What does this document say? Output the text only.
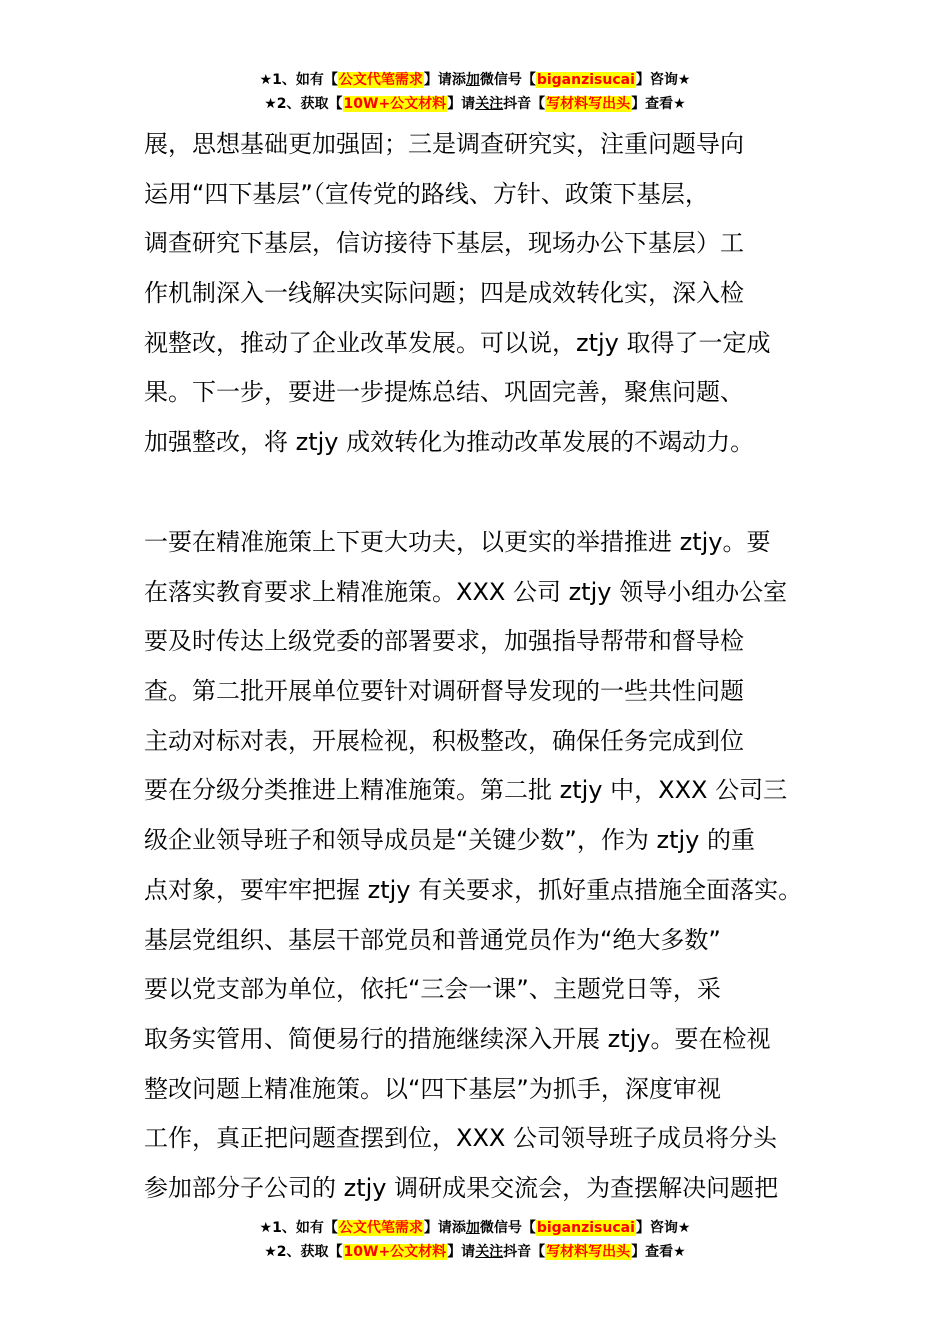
★1、如有【公文代笔需求】请添加微信号【biganzisucai】咨询★
★2、获取【10W+公文材料】请关注抖音【写材料写出头】查看★
展，思想基础更加强固；三是调查研究实，注重问题导向
运用“四下基层”（宣传党的路线、方针、政策下基层，
调查研究下基层，信访接待下基层，现场办公下基层）工
作机制深入一线解决实际问题；四是成效转化实，深入检
视整改，推动了企业改革发展。可以说，ztjy 取得了一定成
果。下一步，要进一步提炼总结、巩固完善，聚焦问题、
加强整改，将 ztjy 成效转化为推动改革发展的不竭动力。
一要在精准施策上下更大功夫，以更实的举措推进 ztjy。要
在落实教育要求上精准施策。XXX 公司 ztjy 领导小组办公室
要及时传达上级党委的部署要求，加强指导帮带和督导检
查。第二批开展单位要针对调研督导发现的一些共性问题
主动对标对表，开展检视，积极整改，确保任务完成到位
要在分级分类推进上精准施策。第二批 ztjy 中，XXX 公司三
级企业领导班子和领导成员是“关键少数”，作为 ztjy 的重
点对象，要牢牢把握 ztjy 有关要求，抓好重点措施全面落实。
基层党组织、基层干部党员和普通党员作为“绝大多数”
要以党支部为单位，依托“三会一课”、主题党日等，采
取务实管用、简便易行的措施继续深入开展 ztjy。要在检视
整改问题上精准施策。以“四下基层”为抓手，深度审视
工作，真正把问题查摆到位，XXX 公司领导班子成员将分头
参加部分子公司的 ztjy 调研成果交流会，为查摆解决问题把
★1、如有【公文代笔需求】请添加微信号【biganzisucai】咨询★
★2、获取【10W+公文材料】请关注抖音【写材料写出头】查看★
